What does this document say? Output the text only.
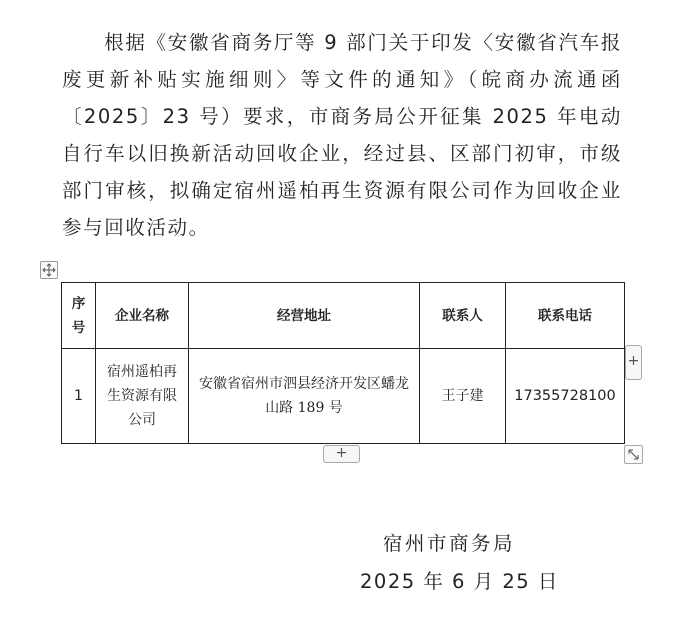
根据《安徽省商务厅等 9 部门关于印发〈安徽省汽车报废更新补贴实施细则〉等文件的通知》（皖商办流通函〔2025〕23 号）要求，市商务局公开征集 2025 年电动自行车以旧换新活动回收企业，经过县、区部门初审，市级部门审核，拟确定宿州遥柏再生资源有限公司作为回收企业参与回收活动。

序号	企业名称	经营地址	联系人	联系电话
1	宿州遥柏再生资源有限公司	安徽省宿州市泗县经济开发区蟠龙山路 189 号	王子建	17355728100
+
+
宿州市商务局
2025 年 6 月 25 日
